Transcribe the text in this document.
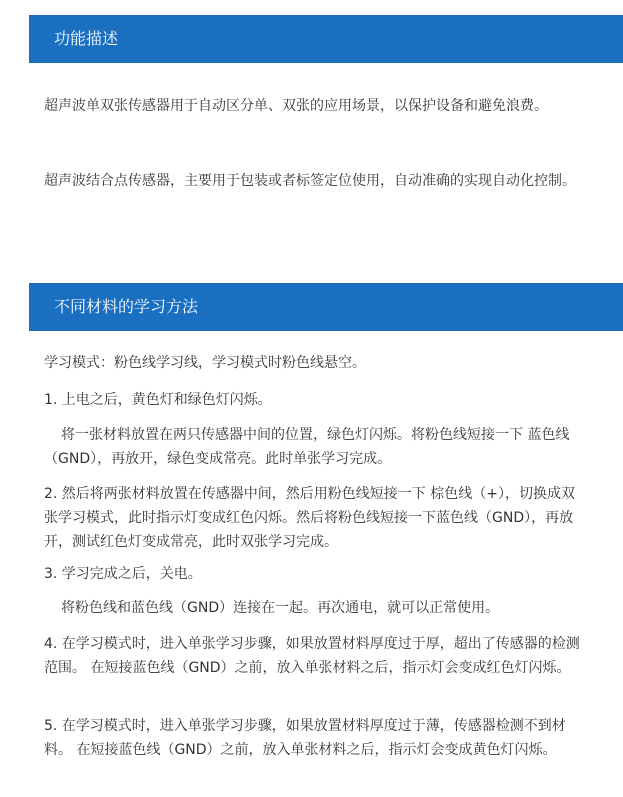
功能描述

超声波单双张传感器用于自动区分单、双张的应用场景，以保护设备和避免浪费。

超声波结合点传感器，主要用于包装或者标签定位使用，自动准确的实现自动化控制。

不同材料的学习方法

学习模式：粉色线学习线，学习模式时粉色线悬空。

1. 上电之后，黄色灯和绿色灯闪烁。

将一张材料放置在两只传感器中间的位置，绿色灯闪烁。将粉色线短接一下 蓝色线（GND），再放开，绿色变成常亮。此时单张学习完成。

2. 然后将两张材料放置在传感器中间，然后用粉色线短接一下 棕色线（+），切换成双张学习模式，此时指示灯变成红色闪烁。然后将粉色线短接一下蓝色线（GND），再放开，测试红色灯变成常亮，此时双张学习完成。

3. 学习完成之后，关电。

将粉色线和蓝色线（GND）连接在一起。再次通电，就可以正常使用。

4. 在学习模式时，进入单张学习步骤，如果放置材料厚度过于厚，超出了传感器的检测范围。 在短接蓝色线（GND）之前，放入单张材料之后，指示灯会变成红色灯闪烁。

5. 在学习模式时，进入单张学习步骤，如果放置材料厚度过于薄，传感器检测不到材料。 在短接蓝色线（GND）之前，放入单张材料之后，指示灯会变成黄色灯闪烁。
